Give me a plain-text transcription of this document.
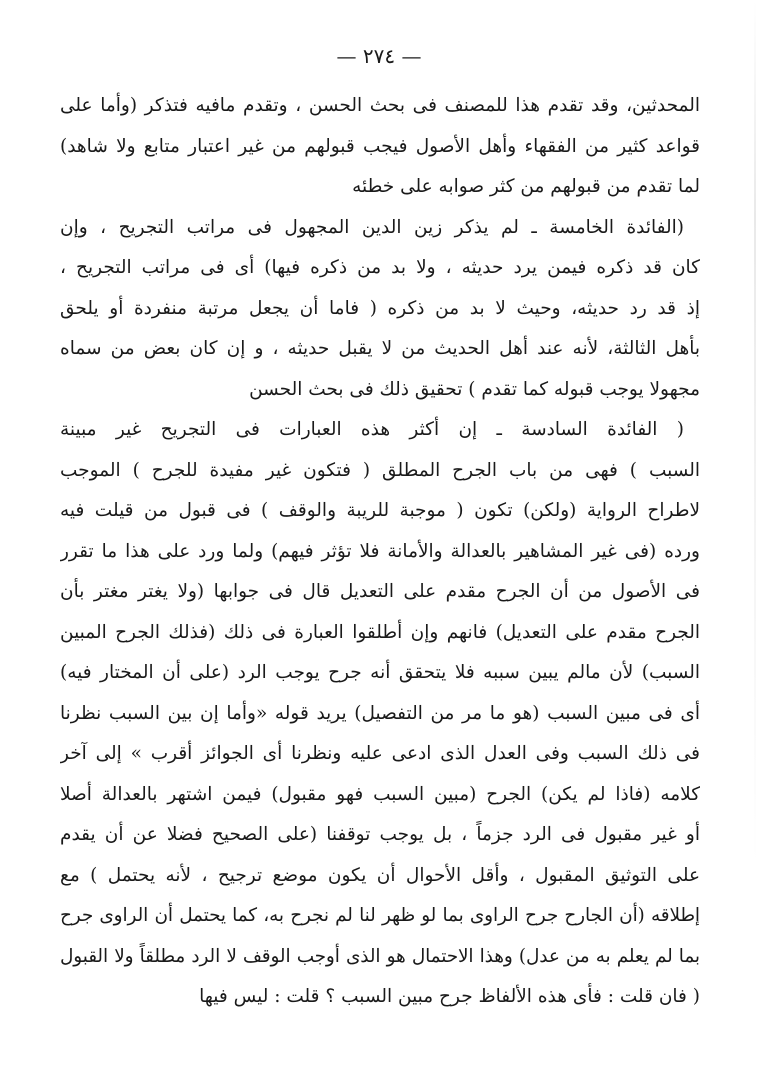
— ٢٧٤ —
المحدثين، وقد تقدم هذا للمصنف فى بحث الحسن ، وتقدم مافيه فتذكر (وأما على
قواعد كثير من الفقهاء وأهل الأصول فيجب قبولهم من غير اعتبار متابع ولا شاهد)
لما تقدم من قبولهم من كثر صوابه على خطئه
(الفائدة الخامسة ـ لم يذكر زين الدين المجهول فى مراتب التجريح ، وإن
كان قد ذكره فيمن يرد حديثه ، ولا بد من ذكره فيها) أى فى مراتب التجريح ،
إذ قد رد حديثه، وحيث لا بد من ذكره ( فاما أن يجعل مرتبة منفردة أو يلحق
بأهل الثالثة، لأنه عند أهل الحديث من لا يقبل حديثه ، و إن كان بعض من سماه
مجهولا يوجب قبوله كما تقدم ) تحقيق ذلك فى بحث الحسن
( الفائدة السادسة ـ إن أكثر هذه العبارات فى التجريح غير مبينة
السبب ) فهى من باب الجرح المطلق ( فتكون غير مفيدة للجرح ) الموجب
لاطراح الرواية (ولكن) تكون ( موجبة للريبة والوقف ) فى قبول من قيلت فيه
ورده (فى غير المشاهير بالعدالة والأمانة فلا تؤثر فيهم) ولما ورد على هذا ما تقرر
فى الأصول من أن الجرح مقدم على التعديل قال فى جوابها (ولا يغتر مغتر بأن
الجرح مقدم على التعديل) فانهم وإن أطلقوا العبارة فى ذلك (فذلك الجرح المبين
السبب) لأن مالم يبين سببه فلا يتحقق أنه جرح يوجب الرد (على أن المختار فيه)
أى فى مبين السبب (هو ما مر من التفصيل) يريد قوله «وأما إن بين السبب نظرنا
فى ذلك السبب وفى العدل الذى ادعى عليه ونظرنا أى الجوائز أقرب » إلى آخر
كلامه (فاذا لم يكن) الجرح (مبين السبب فهو مقبول) فيمن اشتهر بالعدالة أصلا
أو غير مقبول فى الرد جزماً ، بل يوجب توقفنا (على الصحيح فضلا عن أن يقدم
على التوثيق المقبول ، وأقل الأحوال أن يكون موضع ترجيح ، لأنه يحتمل ) مع
إطلاقه (أن الجارح جرح الراوى بما لو ظهر لنا لم نجرح به، كما يحتمل أن الراوى جرح
بما لم يعلم به من عدل) وهذا الاحتمال هو الذى أوجب الوقف لا الرد مطلقاً ولا القبول
( فان قلت : فأى هذه الألفاظ جرح مبين السبب ؟ قلت : ليس فيها
